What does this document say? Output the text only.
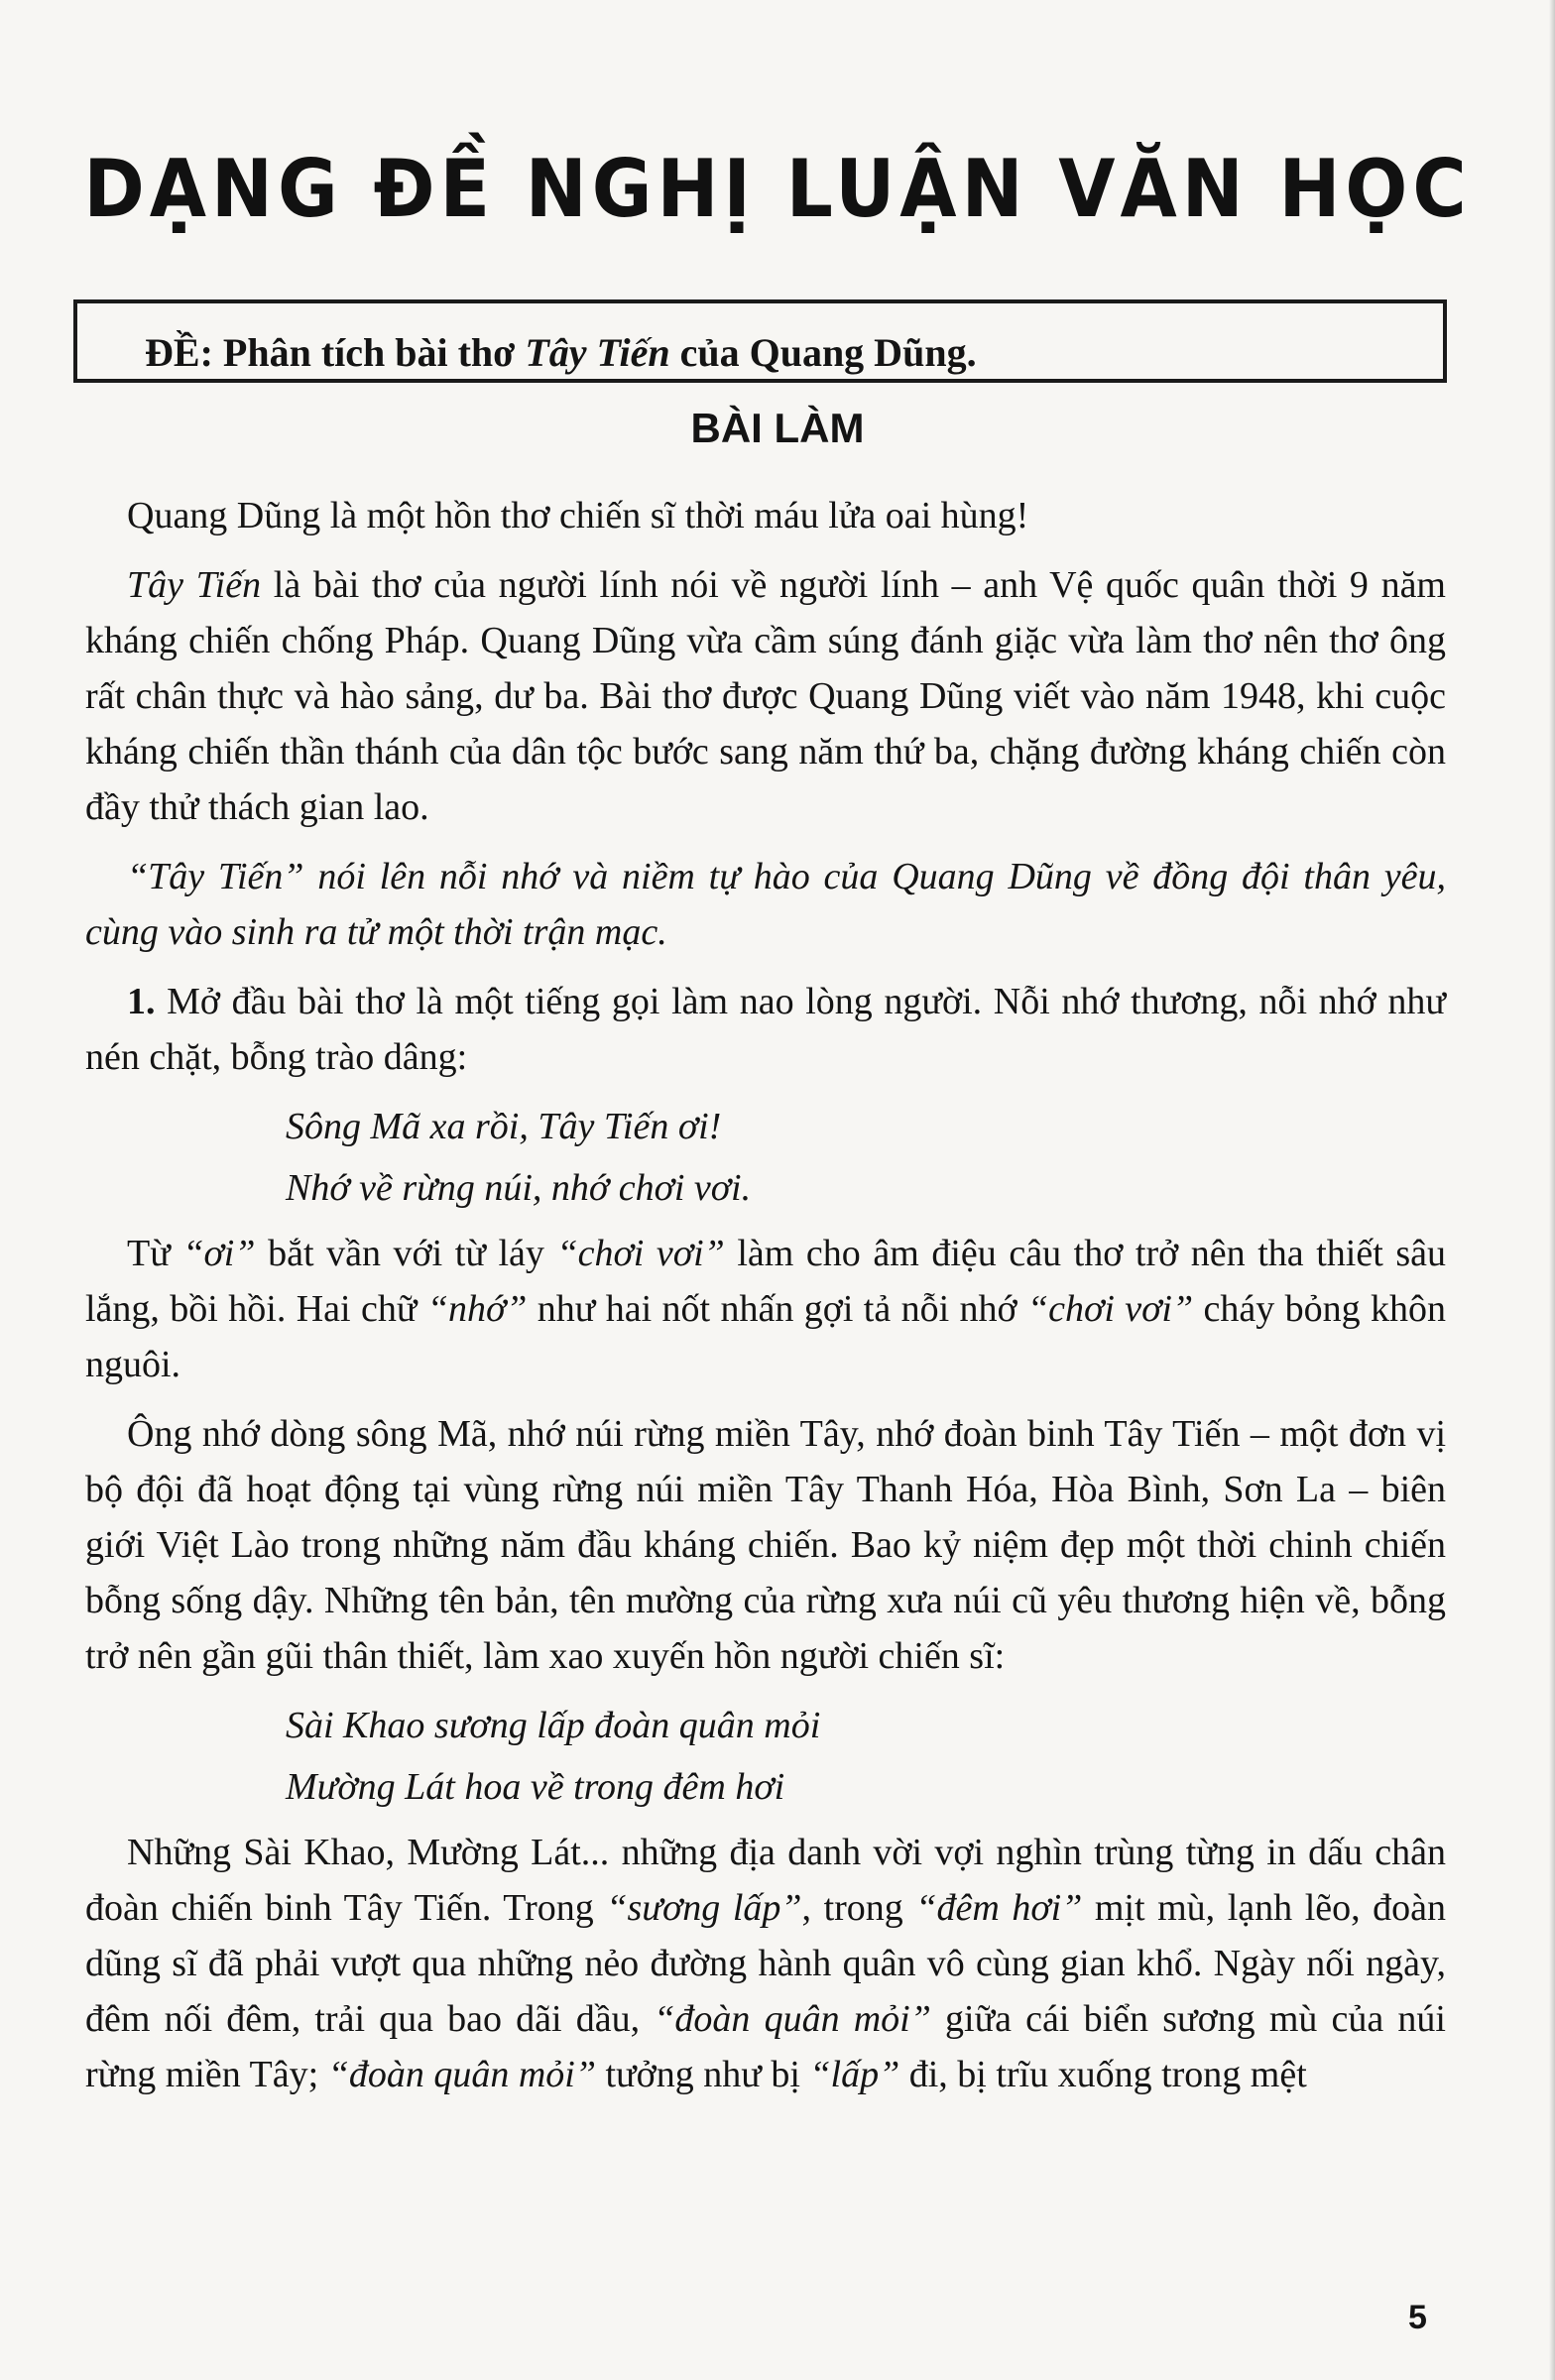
DẠNG ĐỀ NGHỊ LUẬN VĂN HỌC
ĐỀ: Phân tích bài thơ Tây Tiến của Quang Dũng.
BÀI LÀM

Quang Dũng là một hồn thơ chiến sĩ thời máu lửa oai hùng!

Tây Tiến là bài thơ của người lính nói về người lính – anh Vệ quốc quân thời 9 năm kháng chiến chống Pháp. Quang Dũng vừa cầm súng đánh giặc vừa làm thơ nên thơ ông rất chân thực và hào sảng, dư ba. Bài thơ được Quang Dũng viết vào năm 1948, khi cuộc kháng chiến thần thánh của dân tộc bước sang năm thứ ba, chặng đường kháng chiến còn đầy thử thách gian lao.

“Tây Tiến” nói lên nỗi nhớ và niềm tự hào của Quang Dũng về đồng đội thân yêu, cùng vào sinh ra tử một thời trận mạc.

1. Mở đầu bài thơ là một tiếng gọi làm nao lòng người. Nỗi nhớ thương, nỗi nhớ như nén chặt, bỗng trào dâng:

Sông Mã xa rồi, Tây Tiến ơi!
Nhớ về rừng núi, nhớ chơi vơi.

Từ “ơi” bắt vần với từ láy “chơi vơi” làm cho âm điệu câu thơ trở nên tha thiết sâu lắng, bồi hồi. Hai chữ “nhớ” như hai nốt nhấn gợi tả nỗi nhớ “chơi vơi” cháy bỏng khôn nguôi.

Ông nhớ dòng sông Mã, nhớ núi rừng miền Tây, nhớ đoàn binh Tây Tiến – một đơn vị bộ đội đã hoạt động tại vùng rừng núi miền Tây Thanh Hóa, Hòa Bình, Sơn La – biên giới Việt Lào trong những năm đầu kháng chiến. Bao kỷ niệm đẹp một thời chinh chiến bỗng sống dậy. Những tên bản, tên mường của rừng xưa núi cũ yêu thương hiện về, bỗng trở nên gần gũi thân thiết, làm xao xuyến hồn người chiến sĩ:

Sài Khao sương lấp đoàn quân mỏi
Mường Lát hoa về trong đêm hơi

Những Sài Khao, Mường Lát... những địa danh vời vợi nghìn trùng từng in dấu chân đoàn chiến binh Tây Tiến. Trong “sương lấp”, trong “đêm hơi” mịt mù, lạnh lẽo, đoàn dũng sĩ đã phải vượt qua những nẻo đường hành quân vô cùng gian khổ. Ngày nối ngày, đêm nối đêm, trải qua bao dãi dầu, “đoàn quân mỏi” giữa cái biển sương mù của núi rừng miền Tây; “đoàn quân mỏi” tưởng như bị “lấp” đi, bị trĩu xuống trong mệt

5
